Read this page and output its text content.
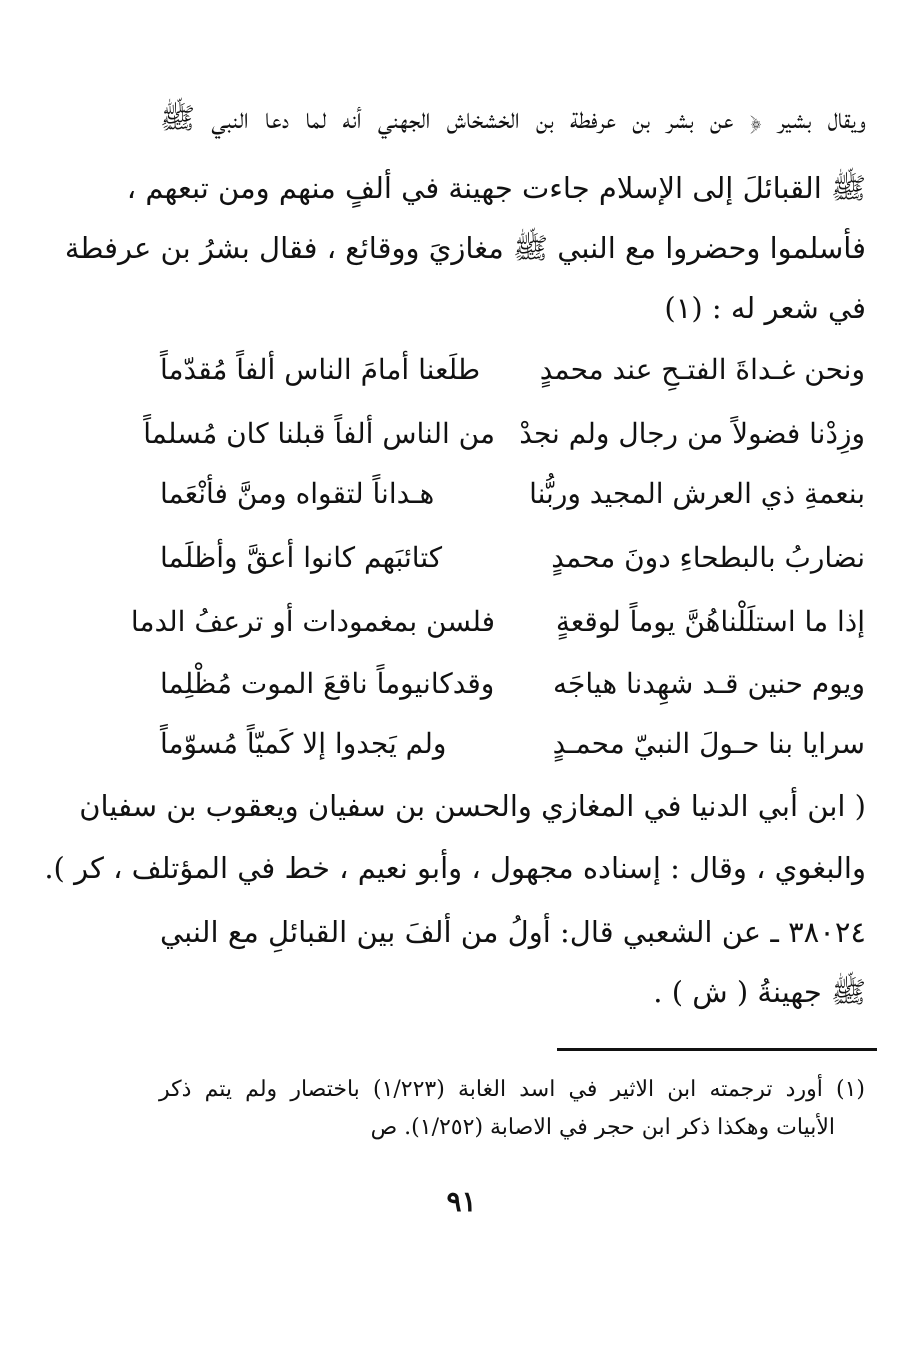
ويقال بشير ﴿ عن بشر بن عرفطة بن الخشخاش الجهني أنه لما دعا النبي ﷺ
ﷺ القبائلَ إلى الإسلام جاءت جهينة في ألفٍ منهم ومن تبعهم ،
فأسلموا وحضروا مع النبي ﷺ مغازيَ ووقائع ، فقال بشرُ بن عرفطة
في شعر له : (١)
ونحن غـداةَ الفتـحِ عند محمدٍ
طلَعنا أمامَ الناس ألفاً مُقدّماً
وزِدْنا فضولاً من رجال ولم نجدْ
من الناس ألفاً قبلنا كان مُسلماً
بنعمةِ ذي العرش المجيد وربُّنا
هـداناً لتقواه ومنَّ فأنْعَما
نضاربُ بالبطحاءِ دونَ محمدٍ
كتائبَهم كانوا أعقَّ وأظلَما
إذا ما استلَلْناهُنَّ يوماً لوقعةٍ
فلسن بمغمودات أو ترعفُ الدما
ويوم حنين قـد شهِدنا هياجَه
وقدكانيوماً ناقعَ الموت مُظْلِما
سرايا بنا حـولَ النبيّ محمـدٍ
ولم يَجدوا إلا كَميّاً مُسوّماً
( ابن أبي الدنيا في المغازي والحسن بن سفيان ويعقوب بن سفيان
والبغوي ، وقال : إسناده مجهول ، وأبو نعيم ، خط في المؤتلف ، كر ).
٣٨٠٢٤ ـ عن الشعبي قال: أولُ من ألفَ بين القبائلِ مع النبي
ﷺ جهينةُ ( ش ) .
(١) أورد ترجمته ابن الاثير في اسد الغابة (١/٢٢٣) باختصار ولم يتم ذكر
الأبيات وهكذا ذكر ابن حجر في الاصابة (١/٢٥٢). ص
٩١
